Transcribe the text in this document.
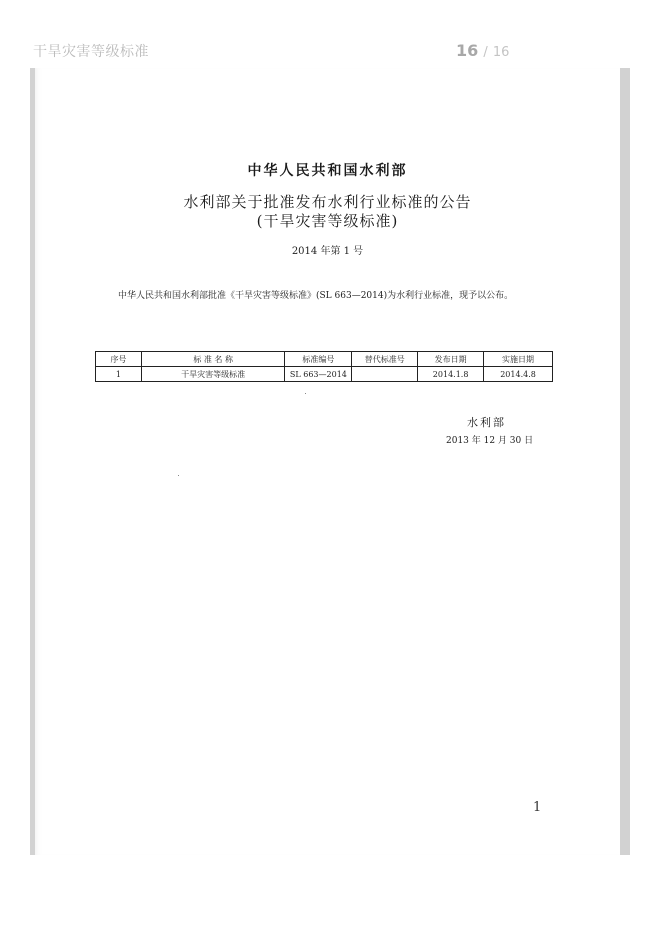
干旱灾害等级标准	16 / 16
中华人民共和国水利部
水利部关于批准发布水利行业标准的公告
(干旱灾害等级标准)
2014 年第 1 号
中华人民共和国水利部批准《干旱灾害等级标准》(SL 663—2014)为水利行业标准，现予以公布。
序号	标 准 名 称	标准编号	替代标准号	发布日期	实施日期
1	干旱灾害等级标准	SL 663—2014		2014.1.8	2014.4.8
水利部
2013 年 12 月 30 日
1
